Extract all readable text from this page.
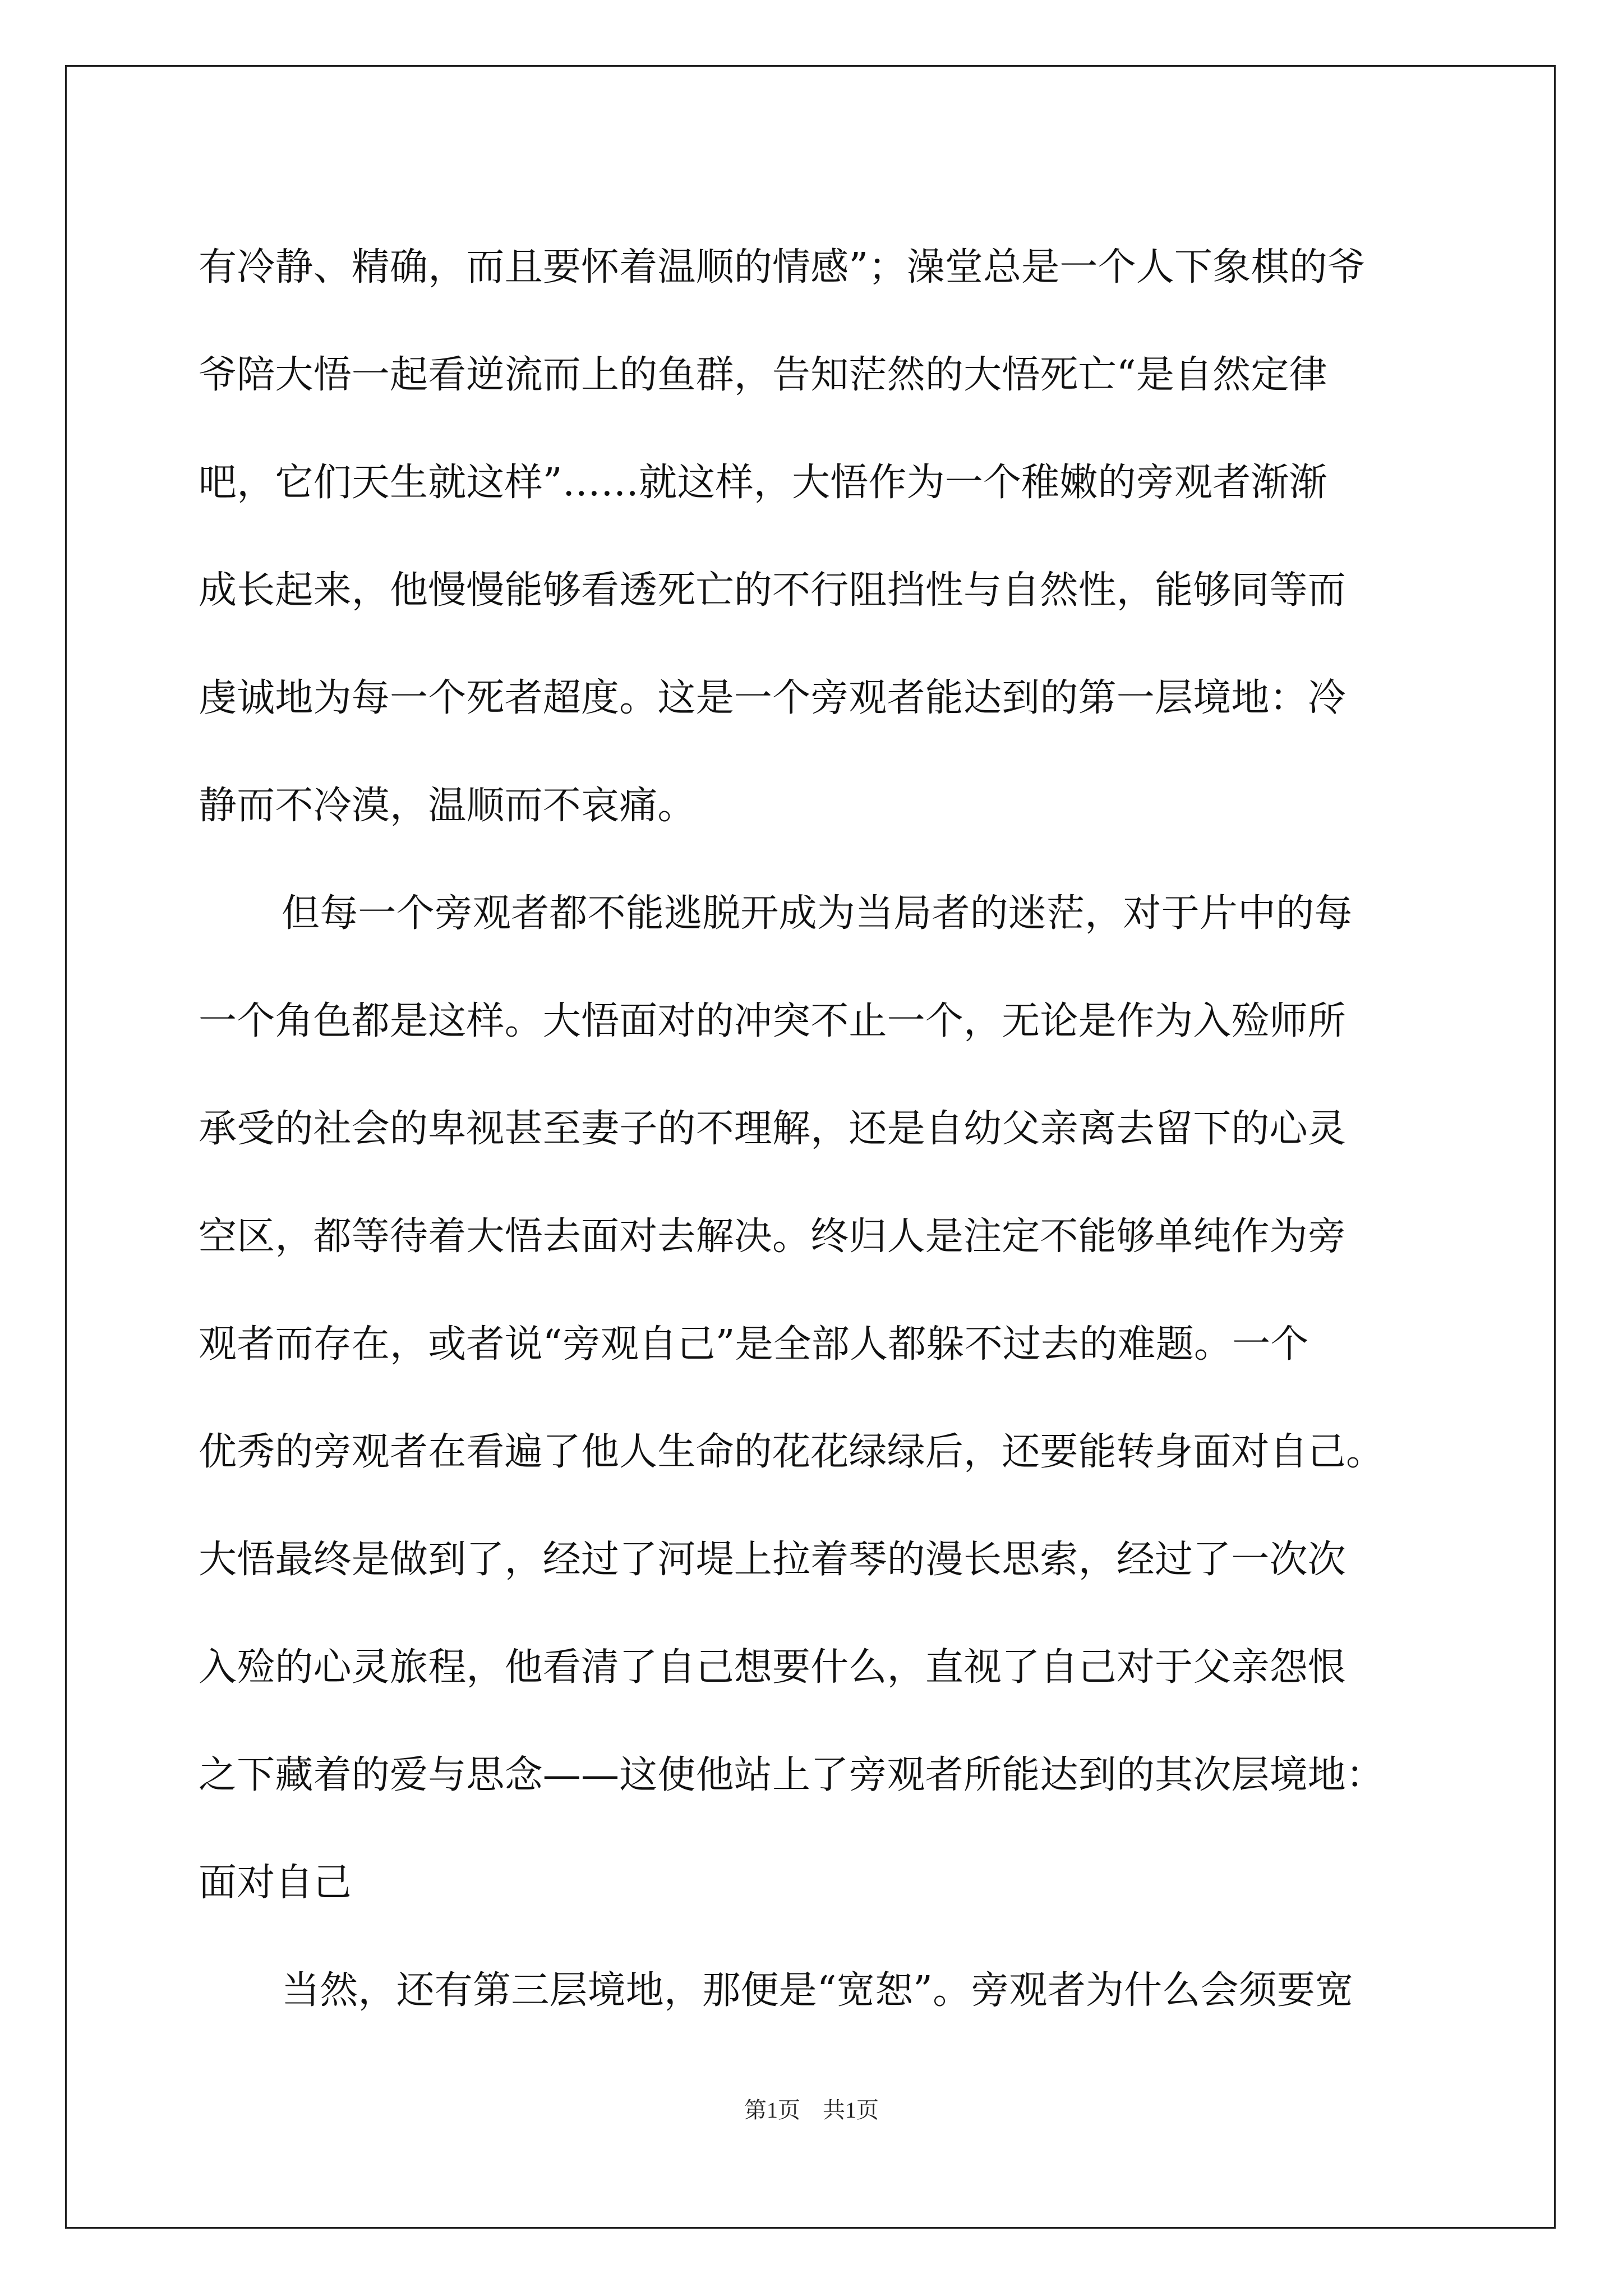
有冷静、精确，而且要怀着温顺的情感”；澡堂总是一个人下象棋的爷
爷陪大悟一起看逆流而上的鱼群，告知茫然的大悟死亡“是自然定律
吧，它们天生就这样”……就这样，大悟作为一个稚嫩的旁观者渐渐
成长起来，他慢慢能够看透死亡的不行阻挡性与自然性，能够同等而
虔诚地为每一个死者超度。这是一个旁观者能达到的第一层境地：冷
静而不冷漠，温顺而不哀痛。
但每一个旁观者都不能逃脱开成为当局者的迷茫，对于片中的每
一个角色都是这样。大悟面对的冲突不止一个，无论是作为入殓师所
承受的社会的卑视甚至妻子的不理解，还是自幼父亲离去留下的心灵
空区，都等待着大悟去面对去解决。终归人是注定不能够单纯作为旁
观者而存在，或者说“旁观自己”是全部人都躲不过去的难题。一个
优秀的旁观者在看遍了他人生命的花花绿绿后，还要能转身面对自己。
大悟最终是做到了，经过了河堤上拉着琴的漫长思索，经过了一次次
入殓的心灵旅程，他看清了自己想要什么，直视了自己对于父亲怨恨
之下藏着的爱与思念——这使他站上了旁观者所能达到的其次层境地：
面对自己
当然，还有第三层境地，那便是“宽恕”。旁观者为什么会须要宽
第1页　共1页
